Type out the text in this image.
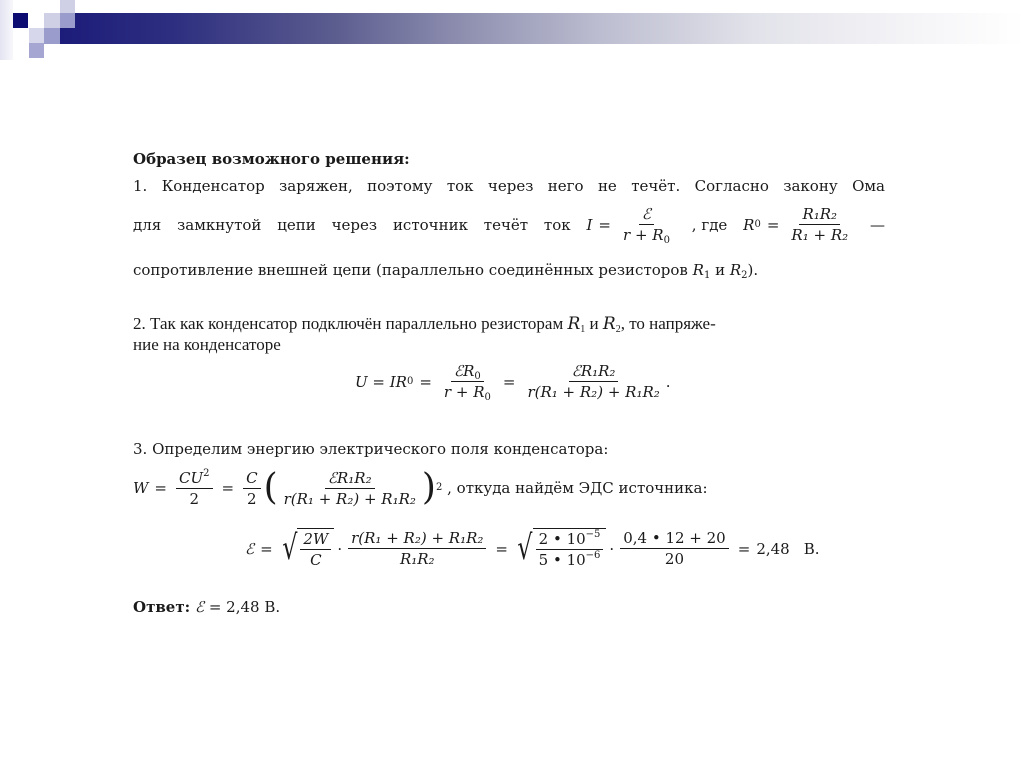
Образец возможного решения:
1. Конденсатор заряжен, поэтому ток через него не течёт. Согласно закону Ома
для замкнутой цепи через источник течёт ток $I = \frac{\text{ℰ}}{r + R_0}$ , где R $0 = \frac{\text{R₁R₂}}{\text{R₁ + R₂}}$ —
сопротивление внешней цепи (параллельно соединённых резисторов $R_1$ и $R_2$).
2. Так как конденсатор подключён параллельно резисторам $R_1$ и $R_2$, то напряже-
ние на конденсаторе
U = IR $0 = \frac{ℰR_0}{r + R_0} = \frac{\text{ℰR₁R₂}}{\text{r(R₁ + R₂) + R₁R₂}}$ .
3. Определим энергию электрического поля конденсатора:
$W = \frac{CU^2}{2} = \frac{C}{2}$ ( $\frac{\text{ℰR₁R₂}}{\text{r(R₁ + R₂) + R₁R₂}}$ ) 2 , откуда найдём ЭДС источника:
ℰ = √ $\frac{2W}{C} \cdot \frac{\text{r(R₁ + R₂) + R₁R₂}}{\text{R₁R₂}}$ = √ $\frac{2 • 10^{-5}}{5 • 10^{-6}} \cdot \frac{0,4 • 12 + 20}{20} = 2,48$ В.
Ответ: ℰ = 2,48 В.
